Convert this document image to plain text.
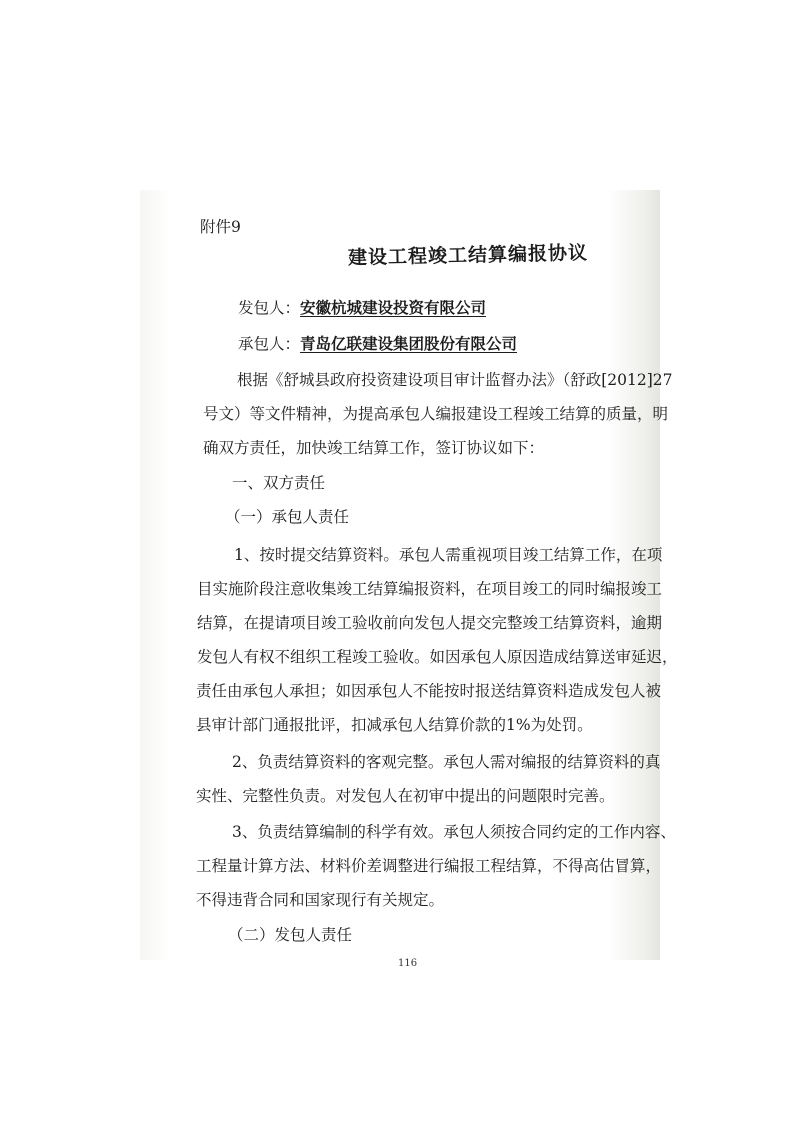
附件9
建设工程竣工结算编报协议
发包人：安徽杭城建设投资有限公司
承包人：青岛亿联建设集团股份有限公司
根据《舒城县政府投资建设项目审计监督办法》（舒政[2012]27
号文）等文件精神，为提高承包人编报建设工程竣工结算的质量，明
确双方责任，加快竣工结算工作，签订协议如下：
一、双方责任
（一）承包人责任
1、按时提交结算资料。承包人需重视项目竣工结算工作，在项
目实施阶段注意收集竣工结算编报资料，在项目竣工的同时编报竣工
结算，在提请项目竣工验收前向发包人提交完整竣工结算资料，逾期
发包人有权不组织工程竣工验收。如因承包人原因造成结算送审延迟，
责任由承包人承担；如因承包人不能按时报送结算资料造成发包人被
县审计部门通报批评，扣减承包人结算价款的1%为处罚。
2、负责结算资料的客观完整。承包人需对编报的结算资料的真
实性、完整性负责。对发包人在初审中提出的问题限时完善。
3、负责结算编制的科学有效。承包人须按合同约定的工作内容、
工程量计算方法、材料价差调整进行编报工程结算，不得高估冒算，
不得违背合同和国家现行有关规定。
（二）发包人责任
116
